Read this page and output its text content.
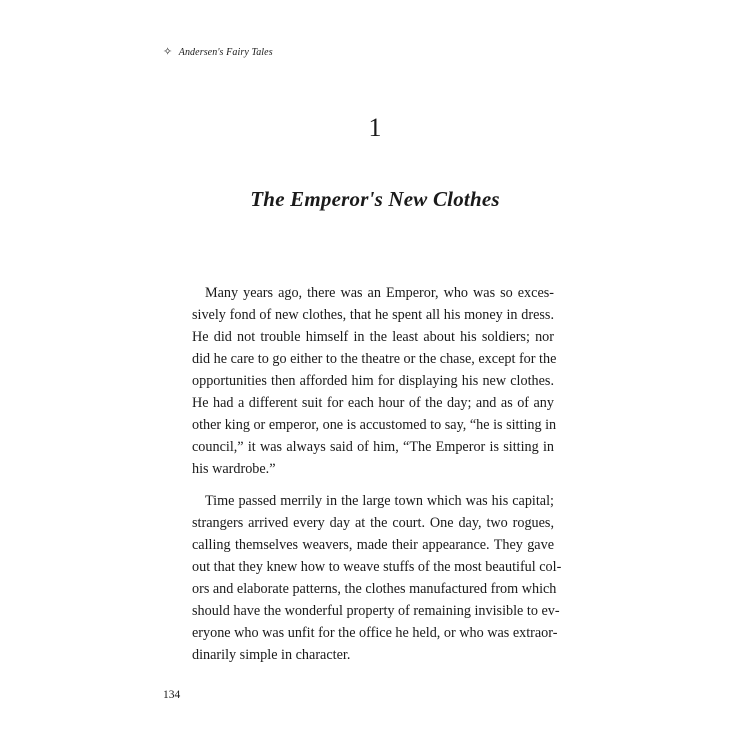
✧ Andersen's Fairy Tales
1
The Emperor's New Clothes
Many years ago, there was an Emperor, who was so exces-
sively fond of new clothes, that he spent all his money in dress.
He did not trouble himself in the least about his soldiers; nor
did he care to go either to the theatre or the chase, except for the
opportunities then afforded him for displaying his new clothes.
He had a different suit for each hour of the day; and as of any
other king or emperor, one is accustomed to say, “he is sitting in
council,” it was always said of him, “The Emperor is sitting in
his wardrobe.”
Time passed merrily in the large town which was his capital;
strangers arrived every day at the court. One day, two rogues,
calling themselves weavers, made their appearance. They gave
out that they knew how to weave stuffs of the most beautiful col-
ors and elaborate patterns, the clothes manufactured from which
should have the wonderful property of remaining invisible to ev-
eryone who was unfit for the office he held, or who was extraor-
dinarily simple in character.
134
